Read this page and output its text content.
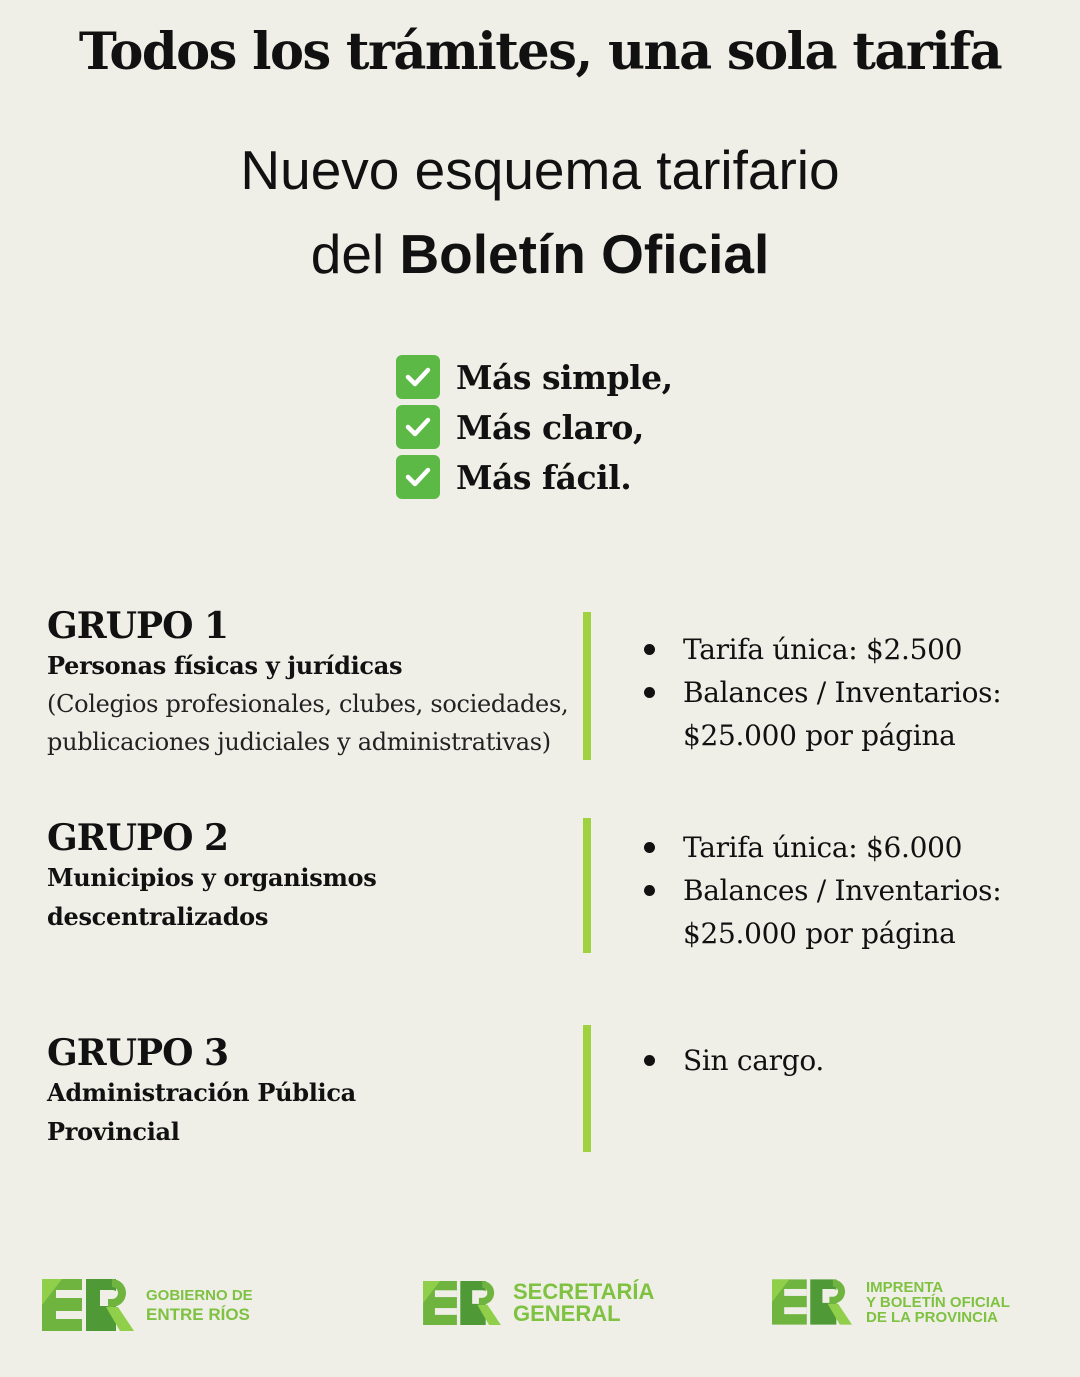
Todos los trámites, una sola tarifa
Nuevo esquema tarifario
del Boletín Oficial
Más simple,
Más claro,
Más fácil.
GRUPO 1
Personas físicas y jurídicas
(Colegios profesionales, clubes, sociedades,
publicaciones judiciales y administrativas)
Tarifa única: $2.500
Balances / Inventarios:
$25.000 por página
GRUPO 2
Municipios y organismos
descentralizados
Tarifa única: $6.000
Balances / Inventarios:
$25.000 por página
GRUPO 3
Administración Pública
Provincial
Sin cargo.
GOBIERNO DE
ENTRE RÍOS
SECRETARÍA
GENERAL
IMPRENTA
Y BOLETÍN OFICIAL
DE LA PROVINCIA
